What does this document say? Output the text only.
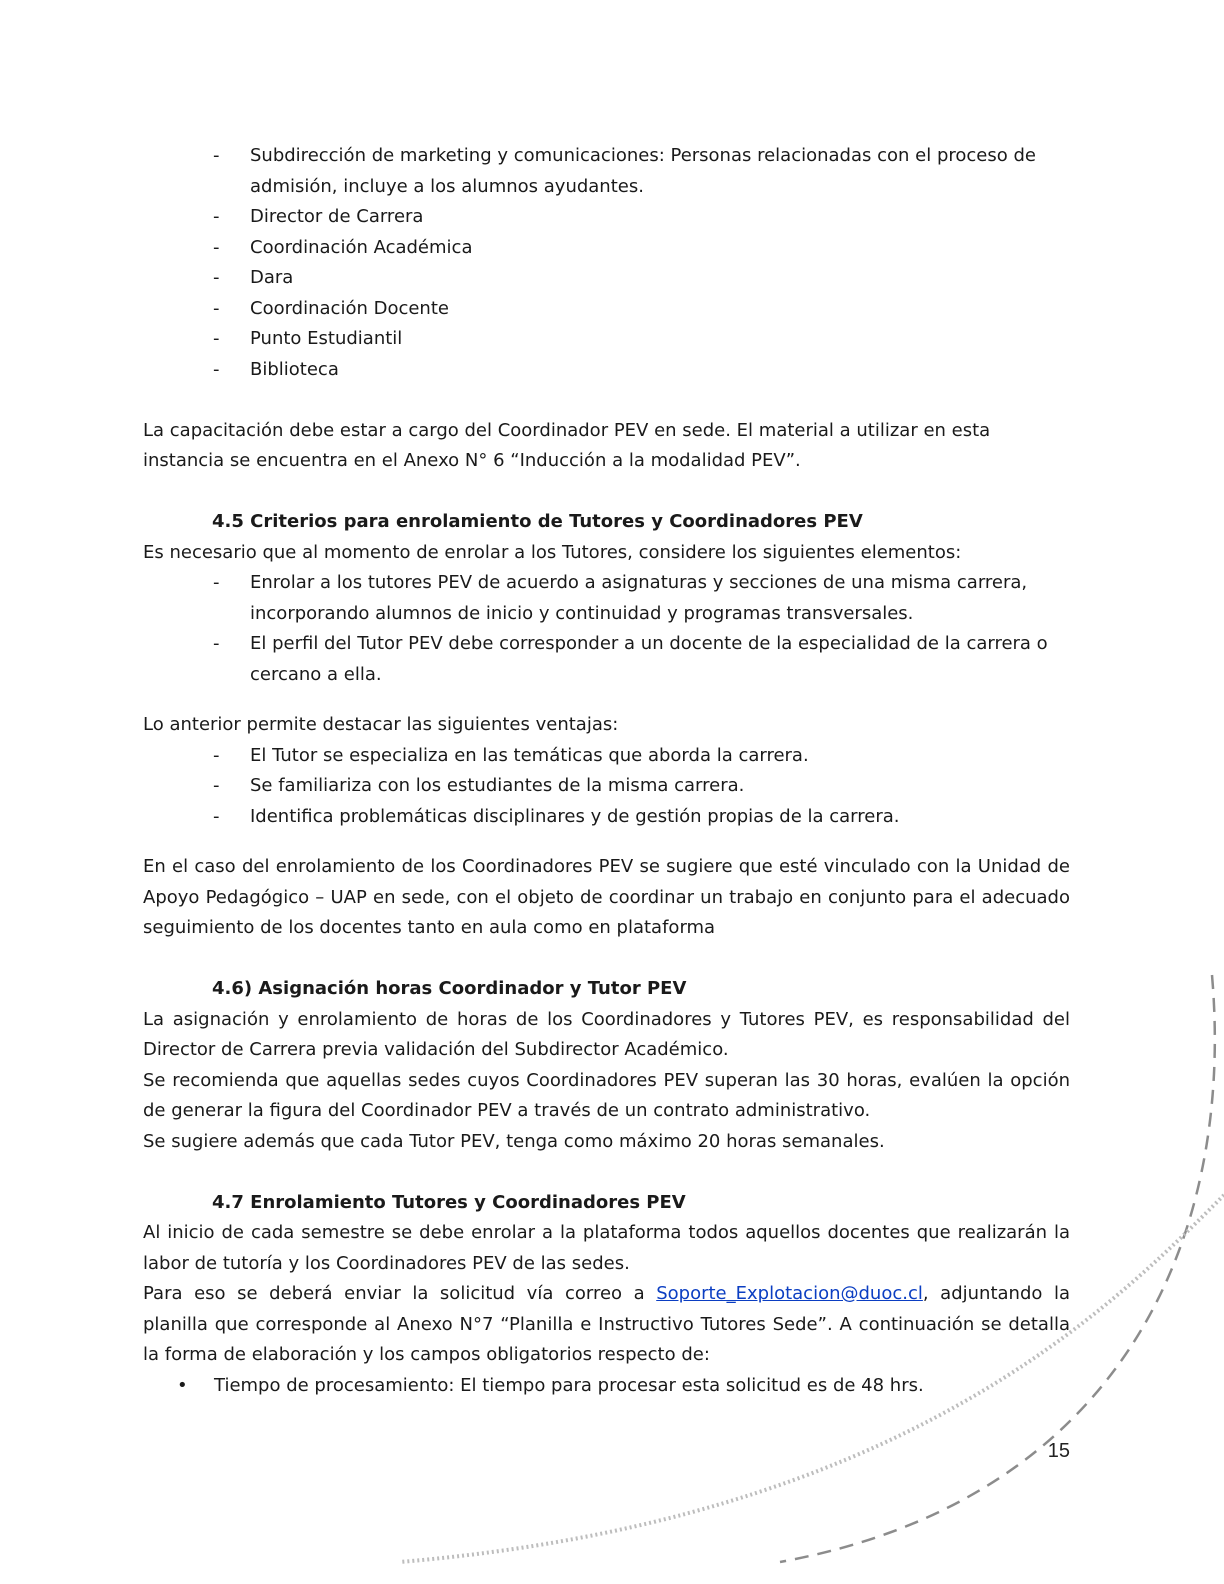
- Subdirección de marketing y comunicaciones: Personas relacionadas con el proceso de admisión, incluye a los alumnos ayudantes.
- Director de Carrera
- Coordinación Académica
- Dara
- Coordinación Docente
- Punto Estudiantil
- Biblioteca

La capacitación debe estar a cargo del Coordinador PEV en sede. El material a utilizar en esta instancia se encuentra en el Anexo N° 6 “Inducción a la modalidad PEV”.

4.5 Criterios para enrolamiento de Tutores y Coordinadores PEV
Es necesario que al momento de enrolar a los Tutores, considere los siguientes elementos:
- Enrolar a los tutores PEV de acuerdo a asignaturas y secciones de una misma carrera, incorporando alumnos de inicio y continuidad y programas transversales.
- El perfil del Tutor PEV debe corresponder a un docente de la especialidad de la carrera o cercano a ella.
Lo anterior permite destacar las siguientes ventajas:
- El Tutor se especializa en las temáticas que aborda la carrera.
- Se familiariza con los estudiantes de la misma carrera.
- Identifica problemáticas disciplinares y de gestión propias de la carrera.

En el caso del enrolamiento de los Coordinadores PEV se sugiere que esté vinculado con la Unidad de Apoyo Pedagógico – UAP en sede, con el objeto de coordinar un trabajo en conjunto para el adecuado seguimiento de los docentes tanto en aula como en plataforma

4.6) Asignación horas Coordinador y Tutor PEV

La asignación y enrolamiento de horas de los Coordinadores y Tutores PEV, es responsabilidad del Director de Carrera previa validación del Subdirector Académico.

Se recomienda que aquellas sedes cuyos Coordinadores PEV superan las 30 horas, evalúen la opción de generar la figura del Coordinador PEV a través de un contrato administrativo.

Se sugiere además que cada Tutor PEV, tenga como máximo 20 horas semanales.

4.7 Enrolamiento Tutores y Coordinadores PEV

Al inicio de cada semestre se debe enrolar a la plataforma todos aquellos docentes que realizarán la labor de tutoría y los Coordinadores PEV de las sedes.

Para eso se deberá enviar la solicitud vía correo a Soporte_Explotacion@duoc.cl, adjuntando la planilla que corresponde al Anexo N°7 “Planilla e Instructivo Tutores Sede”. A continuación se detalla la forma de elaboración y los campos obligatorios respecto de:

• Tiempo de procesamiento: El tiempo para procesar esta solicitud es de 48 hrs.
15
